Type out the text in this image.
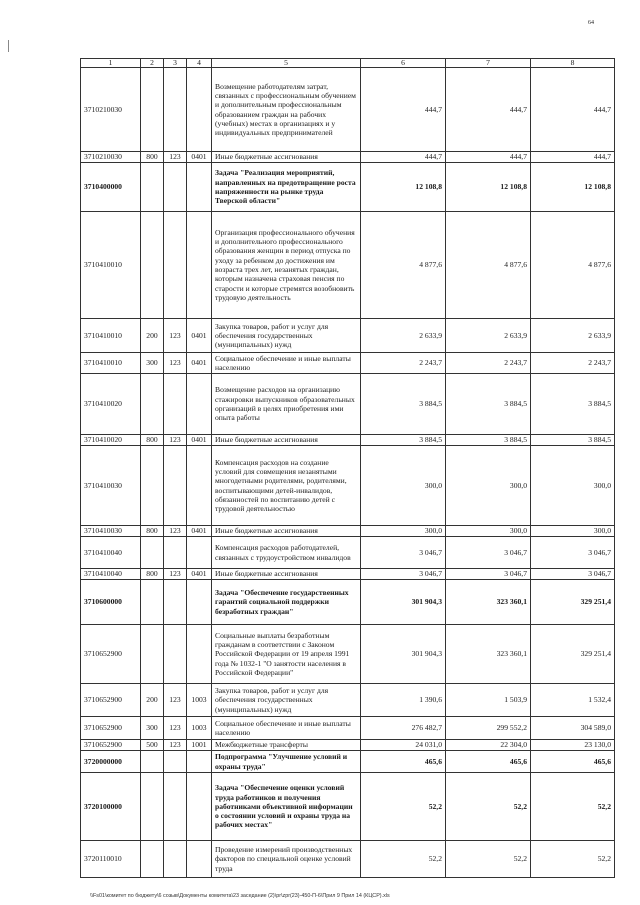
64
1	2	3	4	5	6	7	8
3710210030				Возмещение работодателям затрат, связанных с профессиональным обучением и дополнительным профессиональным образованием граждан на рабочих (учебных) местах в организациях и у индивидуальных предпринимателей	444,7	444,7	444,7
3710210030	800	123	0401	Иные бюджетные ассигнования	444,7	444,7	444,7
3710400000				Задача "Реализация мероприятий, направленных на предотвращение роста напряженности на рынке труда Тверской области"	12 108,8	12 108,8	12 108,8
3710410010				Организация профессионального обучения и дополнительного профессионального образования женщин в период отпуска по уходу за ребенком до достижения им возраста трех лет, незанятых граждан, которым назначена страховая пенсия по старости и которые стремятся возобновить трудовую деятельность	4 877,6	4 877,6	4 877,6
3710410010	200	123	0401	Закупка товаров, работ и услуг для обеспечения государственных (муниципальных) нужд	2 633,9	2 633,9	2 633,9
3710410010	300	123	0401	Социальное обеспечение и иные выплаты населению	2 243,7	2 243,7	2 243,7
3710410020				Возмещение расходов на организацию стажировки выпускников образовательных организаций в целях приобретения ими опыта работы	3 884,5	3 884,5	3 884,5
3710410020	800	123	0401	Иные бюджетные ассигнования	3 884,5	3 884,5	3 884,5
3710410030				Компенсация расходов на создание условий для совмещения незанятыми многодетными родителями, родителями, воспитывающими детей-инвалидов, обязанностей по воспитанию детей с трудовой деятельностью	300,0	300,0	300,0
3710410030	800	123	0401	Иные бюджетные ассигнования	300,0	300,0	300,0
3710410040				Компенсация расходов работодателей, связанных с трудоустройством инвалидов	3 046,7	3 046,7	3 046,7
3710410040	800	123	0401	Иные бюджетные ассигнования	3 046,7	3 046,7	3 046,7
3710600000				Задача "Обеспечение государственных гарантий социальной поддержки безработных граждан"	301 904,3	323 360,1	329 251,4
3710652900				Социальные выплаты безработным гражданам в соответствии с Законом Российской Федерации от 19 апреля 1991 года № 1032-1 "О занятости населения в Российской Федерации"	301 904,3	323 360,1	329 251,4
3710652900	200	123	1003	Закупка товаров, работ и услуг для обеспечения государственных (муниципальных) нужд	1 390,6	1 503,9	1 532,4
3710652900	300	123	1003	Социальное обеспечение и иные выплаты населению	276 482,7	299 552,2	304 589,0
3710652900	500	123	1001	Межбюджетные трансферты	24 031,0	22 304,0	23 130,0
3720000000				Подпрограмма "Улучшение условий и охраны труда"	465,6	465,6	465,6
3720100000				Задача "Обеспечение оценки условий труда работников и получения работниками объективной информации о состоянии условий и охраны труда на рабочих местах"	52,2	52,2	52,2
3720110010				Проведение измерений производственных факторов по специальной оценке условий труда	52,2	52,2	52,2
\\Fs01\комитет по бюджету\6 созыв\Документы комитета\23 заседание (2)\pr\zpr(23)-450-П-6\Прил 9 Прил 14 (КЦСР).xls
